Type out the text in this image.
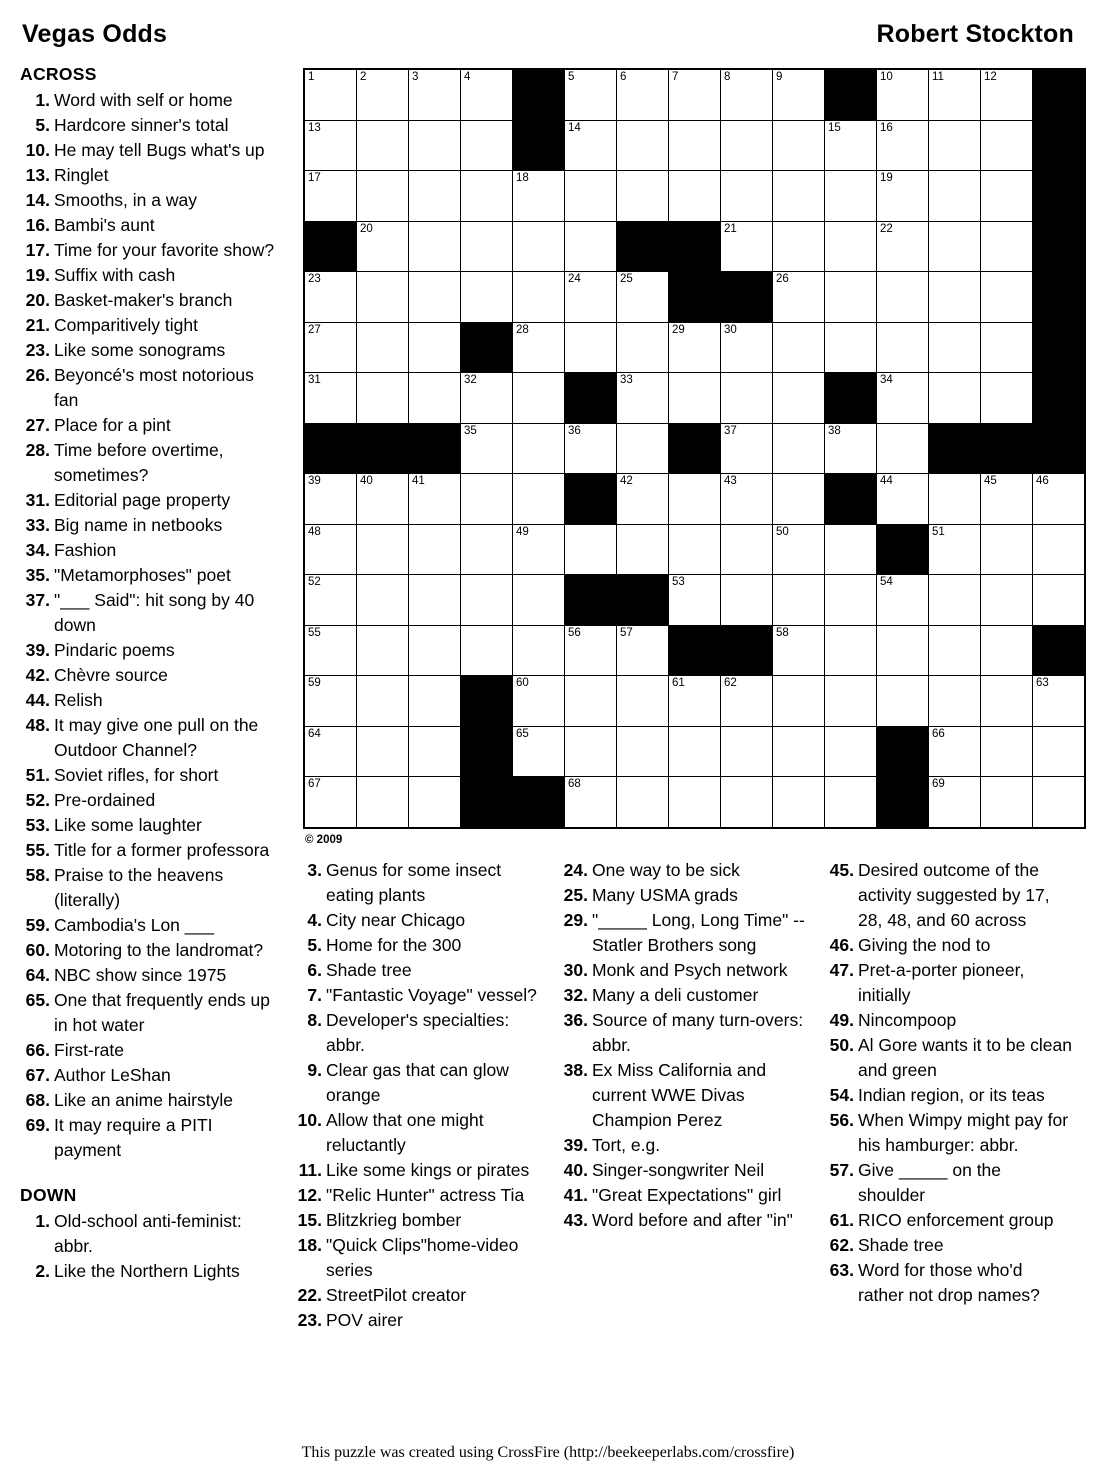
Vegas Odds	Robert Stockton
ACROSS

1. Word with self or home

5. Hardcore sinner's total

10. He may tell Bugs what's up

13. Ringlet

14. Smooths, in a way

16. Bambi's aunt

17. Time for your favorite show?

19. Suffix with cash

20. Basket-maker's branch

21. Comparitively tight

23. Like some sonograms

26. Beyoncé's most notorious fan

27. Place for a pint

28. Time before overtime, sometimes?

31. Editorial page property

33. Big name in netbooks

34. Fashion

35. "Metamorphoses" poet

37. "___ Said": hit song by 40 down

39. Pindaric poems

42. Chèvre source

44. Relish

48. It may give one pull on the Outdoor Channel?

51. Soviet rifles, for short

52. Pre-ordained

53. Like some laughter

55. Title for a former professora

58. Praise to the heavens (literally)

59. Cambodia's Lon ___

60. Motoring to the landromat?

64. NBC show since 1975

65. One that frequently ends up in hot water

66. First-rate

67. Author LeShan

68. Like an anime hairstyle

69. It may require a PITI payment

DOWN

1. Old-school anti-feminist: abbr.

2. Like the Northern Lights

1	2	3	4		5	6	7	8	9		10	11	12	

13					14					15	16			

17				18							19			

	20							21			22			

23					24	25			26					

27				28			29	30						

31			32			33					34			

			35		36			37		38				

39	40	41				42		43			44		45	46

48				49					50			51		

52							53				54			

55					56	57			58					

59				60			61	62						63

64				65								66		

67					68							69		

© 2009

3. Genus for some insect eating plants

4. City near Chicago

5. Home for the 300

6. Shade tree

7. "Fantastic Voyage" vessel?

8. Developer's specialties: abbr.

9. Clear gas that can glow orange

10. Allow that one might reluctantly

11. Like some kings or pirates

12. "Relic Hunter" actress Tia

15. Blitzkrieg bomber

18. "Quick Clips"home-video series

22. StreetPilot creator

23. POV airer

24. One way to be sick

25. Many USMA grads

29. "_____ Long, Long Time" -- Statler Brothers song

30. Monk and Psych network

32. Many a deli customer

36. Source of many turn-overs: abbr.

38. Ex Miss California and current WWE Divas Champion Perez

39. Tort, e.g.

40. Singer-songwriter Neil

41. "Great Expectations" girl

43. Word before and after "in"

45. Desired outcome of the activity suggested by 17, 28, 48, and 60 across

46. Giving the nod to

47. Pret-a-porter pioneer, initially

49. Nincompoop

50. Al Gore wants it to be clean and green

54. Indian region, or its teas

56. When Wimpy might pay for his hamburger: abbr.

57. Give _____ on the shoulder

61. RICO enforcement group

62. Shade tree

63. Word for those who'd rather not drop names?

This puzzle was created using CrossFire (http://beekeeperlabs.com/crossfire)
